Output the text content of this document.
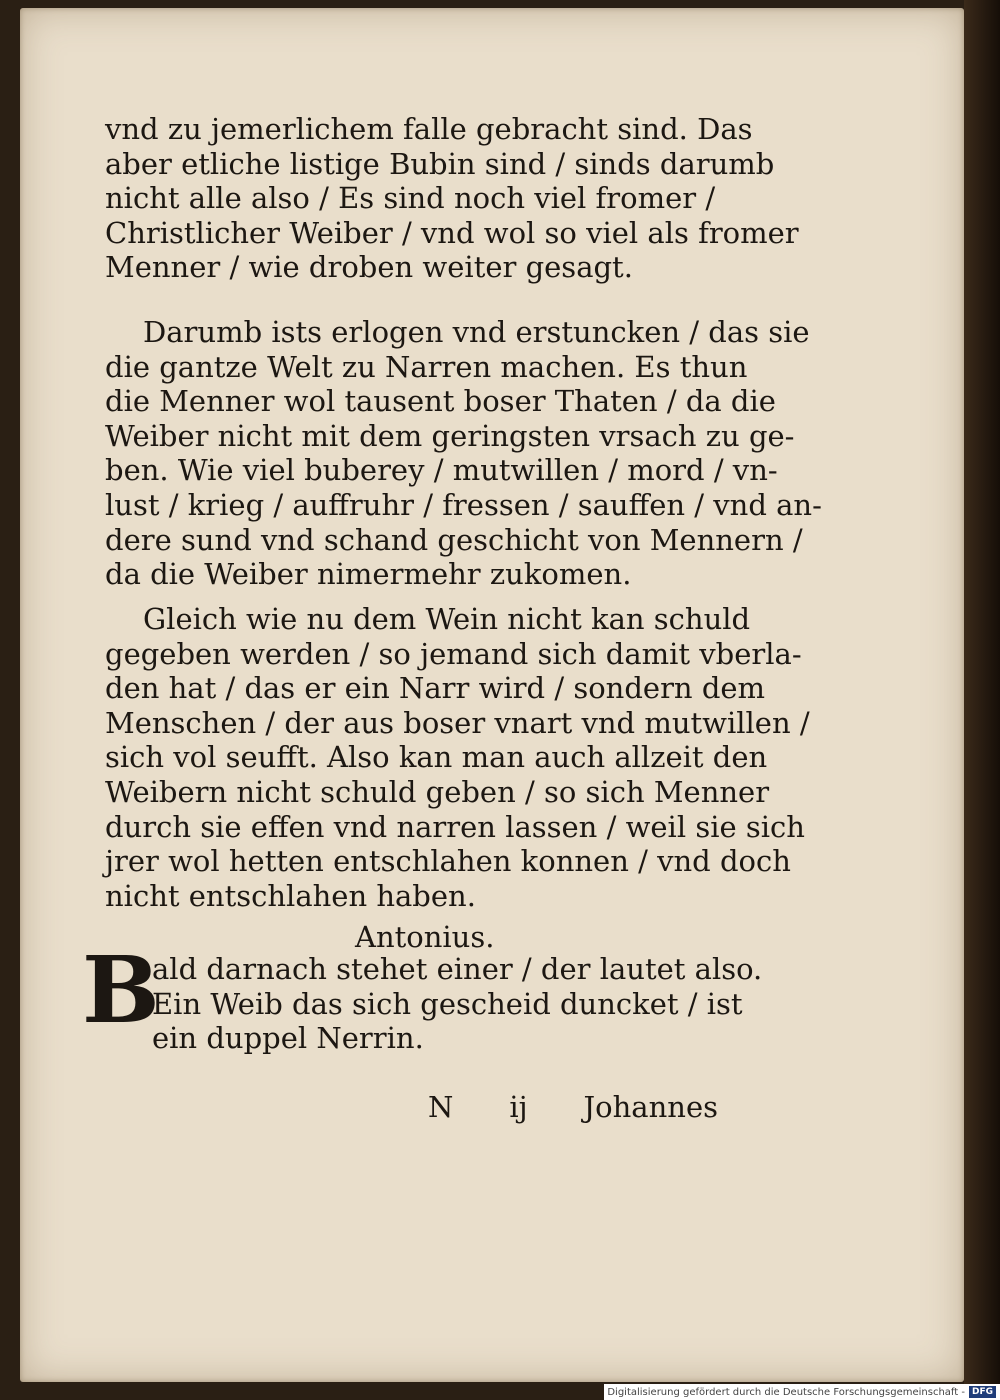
vnd zu jemerlichem falle gebracht sind. Das
aber etliche listige Bubin sind / sinds darumb
nicht alle also / Es sind noch viel fromer /
Christlicher Weiber / vnd wol so viel als fromer
Menner / wie droben weiter gesagt.
Darumb ists erlogen vnd erstuncken / das sie
die gantze Welt zu Narren machen. Es thun
die Menner wol tausent boser Thaten / da die
Weiber nicht mit dem geringsten vrsach zu ge-
ben. Wie viel buberey / mutwillen / mord / vn-
lust / krieg / auffruhr / fressen / sauffen / vnd an-
dere sund vnd schand geschicht von Mennern /
da die Weiber nimermehr zukomen.
Gleich wie nu dem Wein nicht kan schuld
gegeben werden / so jemand sich damit vberla-
den hat / das er ein Narr wird / sondern dem
Menschen / der aus boser vnart vnd mutwillen /
sich vol seufft. Also kan man auch allzeit den
Weibern nicht schuld geben / so sich Menner
durch sie effen vnd narren lassen / weil sie sich
jrer wol hetten entschlahen konnen / vnd doch
nicht entschlahen haben.
Antonius.
B
ald darnach stehet einer / der lautet also. Ein Weib das sich gescheid duncket / ist ein duppel Nerrin.
N ij Johannes
Digitalisierung gefördert durch die Deutsche Forschungsgemeinschaft - DFG
